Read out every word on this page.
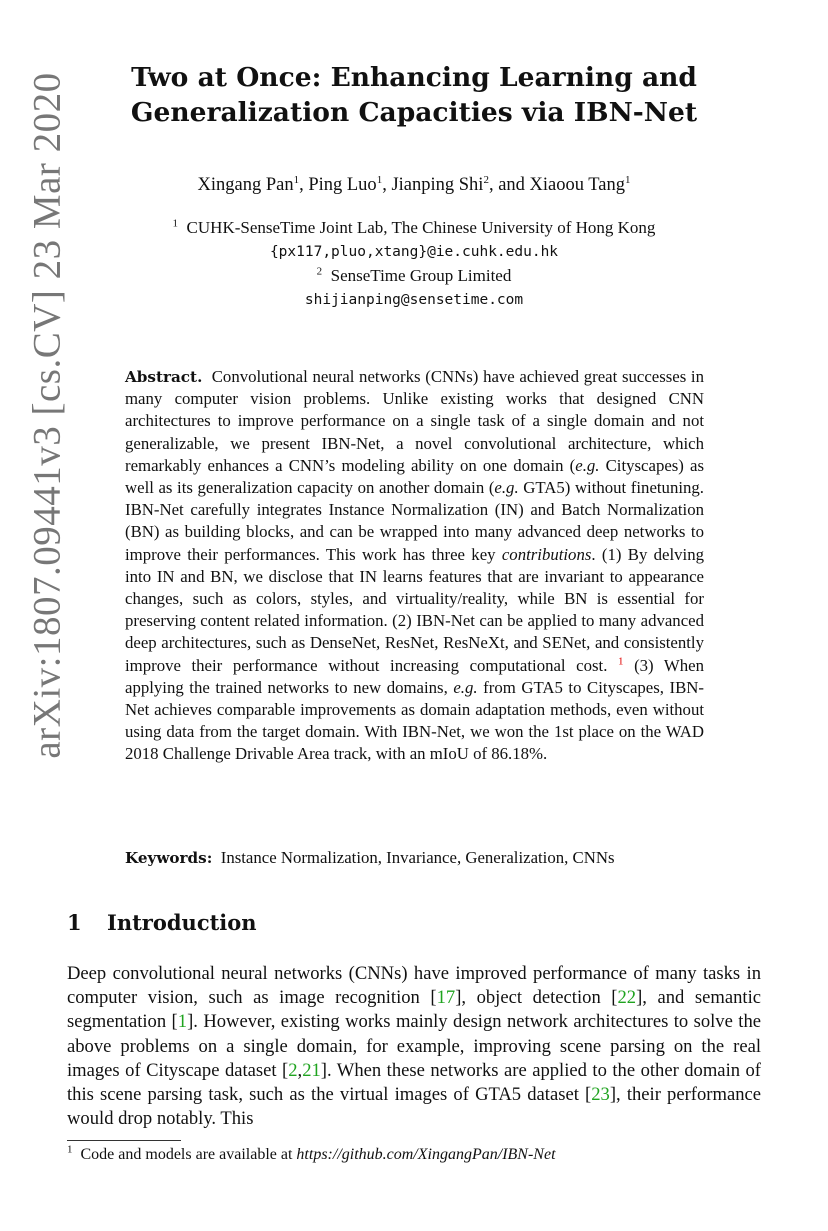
arXiv:1807.09441v3 [cs.CV] 23 Mar 2020	Two at Once: Enhancing Learning and
Generalization Capacities via IBN-Net
Xingang Pan$^1$, Ping Luo$^1$, Jianping Shi$^2$, and Xiaoou Tang$^1$
$^1$ CUHK-SenseTime Joint Lab, The Chinese University of Hong Kong
{px117,pluo,xtang}@ie.cuhk.edu.hk
$^2$ SenseTime Group Limited
shijianping@sensetime.com
Abstract. Convolutional neural networks (CNNs) have achieved great successes in many computer vision problems. Unlike existing works that designed CNN architectures to improve performance on a single task of a single domain and not generalizable, we present IBN-Net, a novel convolutional architecture, which remarkably enhances a CNN’s modeling ability on one domain (e.g. Cityscapes) as well as its generalization capacity on another domain (e.g. GTA5) without finetuning. IBN-Net carefully integrates Instance Normalization (IN) and Batch Normalization (BN) as building blocks, and can be wrapped into many advanced deep networks to improve their performances. This work has three key contributions. (1) By delving into IN and BN, we disclose that IN learns features that are invariant to appearance changes, such as colors, styles, and virtuality/reality, while BN is essential for preserving content related information. (2) IBN-Net can be applied to many advanced deep architectures, such as DenseNet, ResNet, ResNeXt, and SENet, and consistently improve their performance without increasing computational cost. $^1$ (3) When applying the trained networks to new domains, e.g. from GTA5 to Cityscapes, IBN-Net achieves comparable improvements as domain adaptation methods, even without using data from the target domain. With IBN-Net, we won the 1st place on the WAD 2018 Challenge Drivable Area track, with an mIoU of 86.18%.
Keywords: Instance Normalization, Invariance, Generalization, CNNs
1 Introduction
Deep convolutional neural networks (CNNs) have improved performance of many tasks in computer vision, such as image recognition [17], object detection [22], and semantic segmentation [1]. However, existing works mainly design network architectures to solve the above problems on a single domain, for example, improving scene parsing on the real images of Cityscape dataset [2,21]. When these networks are applied to the other domain of this scene parsing task, such as the virtual images of GTA5 dataset [23], their performance would drop notably. This
$^1$ Code and models are available at https://github.com/XingangPan/IBN-Net
